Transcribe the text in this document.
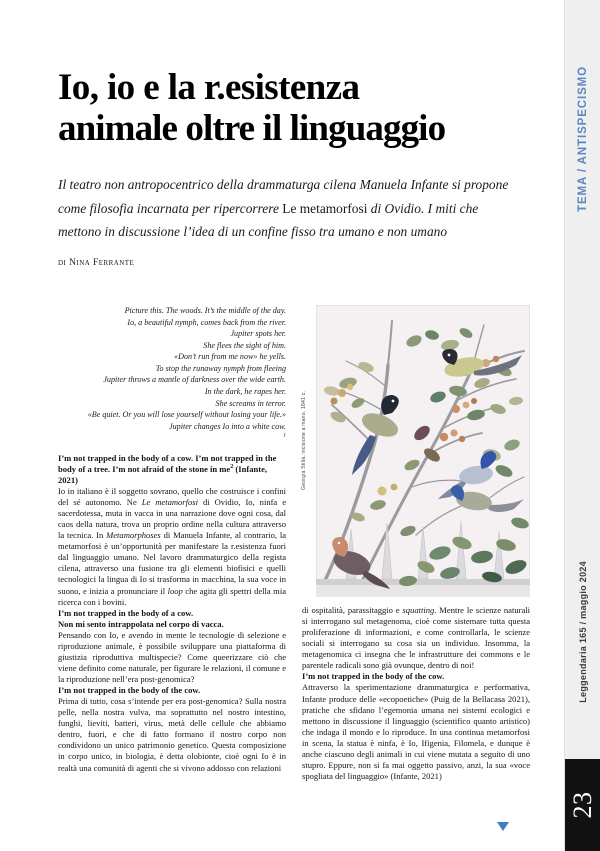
TEMA / ANTISPECISMO
Leggendaria 165 / maggio 2024
23
Io, io e la r.esistenza
animale oltre il linguaggio
Il teatro non antropocentrico della drammaturga cilena Manuela Infante si propone come filosofia incarnata per ripercorrere Le metamorfosi di Ovidio. I miti che mettono in discussione l’idea di un confine fisso tra umano e non umano
di Nina Ferrante
Georgia Stillà, incisione a mano, 1841 c.
Picture this. The woods. It’s the middle of the day.
Io, a beautiful nymph, comes back from the river.
Jupiter spots her.
She flees the sight of him.
«Don’t run from me now» he yells.
To stop the runaway nymph from fleeing
Jupiter throws a mantle of darkness over the wide earth.
In the dark, he rapes her.
She screams in terror.
«Be quiet. Or you will lose yourself without losing your life.»
Jupiter changes Io into a white cow.
$^1$

I’m not trapped in the body of a cow. I’m not trapped in the body of a tree. I’m not afraid of the stone in $me^2$ (Infante, 2021)

Io in italiano è il soggetto sovrano, quello che costruisce i confini del sé autonomo. Ne Le metamorfosi di Ovidio, Io, ninfa e sacerdotessa, muta in vacca in una narrazione dove ogni cosa, dal caos della natura, trova un proprio ordine nella cultura attraverso la tecnica. In Metamorphoses di Manuela Infante, al contrario, la metamorfosi è un’opportunità per manifestare la r.esistenza fuori dal linguaggio umano. Nel lavoro drammaturgico della regista cilena, attraverso una fusione tra gli elementi biofisici e quelli tecnologici la lingua di Io si trasforma in macchina, la sua voce in suono, e inizia a pronunciare il loop che agita gli spettri della mia ricerca con i bovini.

I’m not trapped in the body of a cow.

Non mi sento intrappolata nel corpo di vacca.

Pensando con Io, e avendo in mente le tecnologie di selezione e riproduzione animale, è possibile sviluppare una piattaforma di giustizia riproduttiva multispecie? Come queerizzare ciò che viene definito come naturale, per figurare le relazioni, il comune e la riproduzione nell’era post-genomica?

I’m not trapped in the body of the cow.

Prima di tutto, cosa s’intende per era post-genomica? Sulla nostra pelle, nella nostra vulva, ma soprattutto nel nostro intestino, funghi, lieviti, batteri, virus, metà delle cellule che abbiamo dentro, fuori, e che di fatto formano il nostro corpo non condividono un unico patrimonio genetico. Questa composizione in corpo unico, in biologia, è detta olobionte, cioè ogni Io è in realtà una comunità di agenti che si vivono addosso con relazioni

di ospitalità, parassitaggio e squatting. Mentre le scienze naturali si interrogano sul metagenoma, cioè come sistemare tutta questa proliferazione di informazioni, e come controllarla, le scienze sociali si interrogano su cosa sia un individuo. Insomma, la metagenomica ci insegna che le infrastrutture dei commons e le parentele radicali sono già ovunque, dentro di noi!

I’m not trapped in the body of the cow.

Attraverso la sperimentazione drammaturgica e performativa, Infante produce delle «ecopoetiche» (Puig de la Bellacasa 2021), pratiche che sfidano l’egemonia umana nei sistemi ecologici e mettono in discussione il linguaggio (scientifico quanto artistico) che indaga il mondo e lo riproduce. In una continua metamorfosi in scena, la statua è ninfa, è Io, Ifigenia, Filomela, e dunque è anche ciascuno degli animali in cui viene mutata a seguito di uno stupro. Eppure, non si fa mai oggetto passivo, anzi, la sua «voce spogliata del linguaggio» (Infante, 2021)
